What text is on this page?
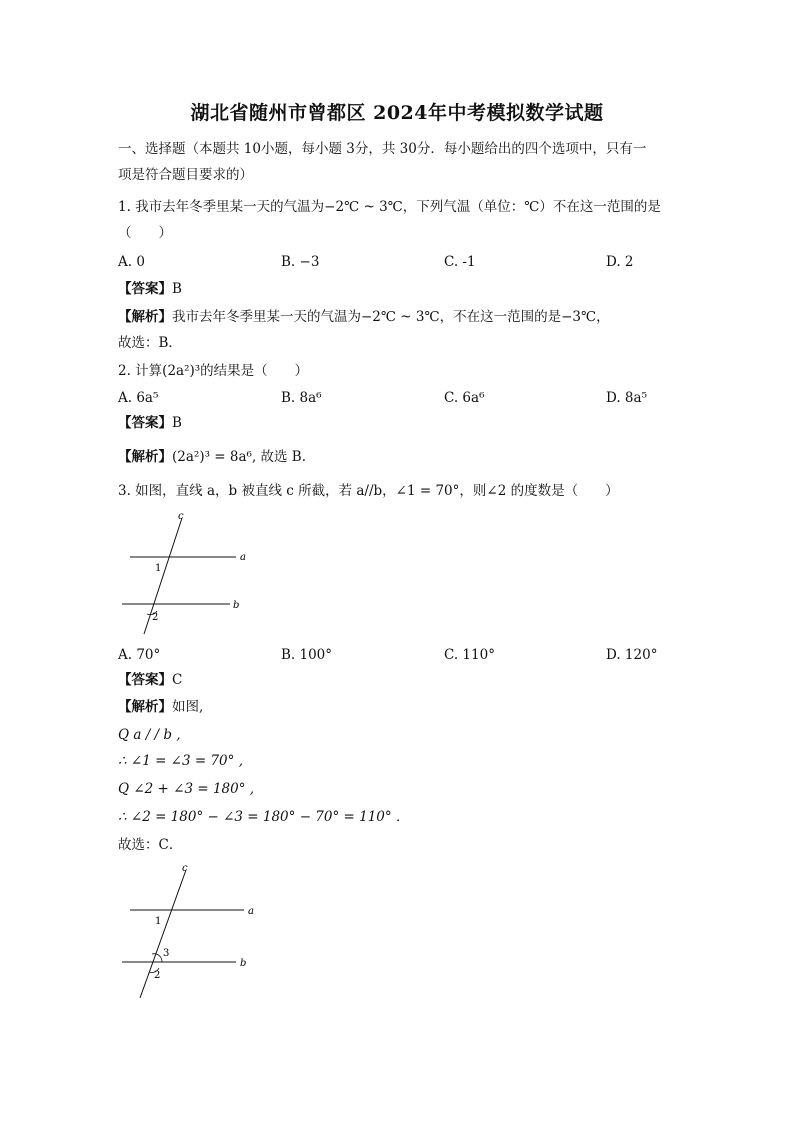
湖北省随州市曾都区 2024年中考模拟数学试题
一、选择题（本题共 10小题，每小题 3分，共 30分．每小题给出的四个选项中，只有一
项是符合题目要求的）
1. 我市去年冬季里某一天的气温为−2℃ ~ 3℃，下列气温（单位：℃）不在这一范围的是
（　　）
A. 0	B. −3	C. -1	D. 2
【答案】B
【解析】我市去年冬季里某一天的气温为−2℃ ~ 3℃，不在这一范围的是−3℃，
故选：B．
2. 计算(2a²)³的结果是（　　）
A. 6a⁵	B. 8a⁶	C. 6a⁶	D. 8a⁵
【答案】B
【解析】(2a²)³ = 8a⁶, 故选 B.
3. 如图，直线 a，b 被直线 c 所截，若 a//b，∠1 = 70°，则∠2 的度数是（　　）
c
a
b
1
2
A. 70°	B. 100°	C. 110°	D. 120°
【答案】C
【解析】如图,
Q a / / b ,
∴ ∠1 = ∠3 = 70° ,
Q ∠2 + ∠3 = 180° ,
∴ ∠2 = 180° − ∠3 = 180° − 70° = 110° ．
故选：C．
c
a
b
1
3
2
